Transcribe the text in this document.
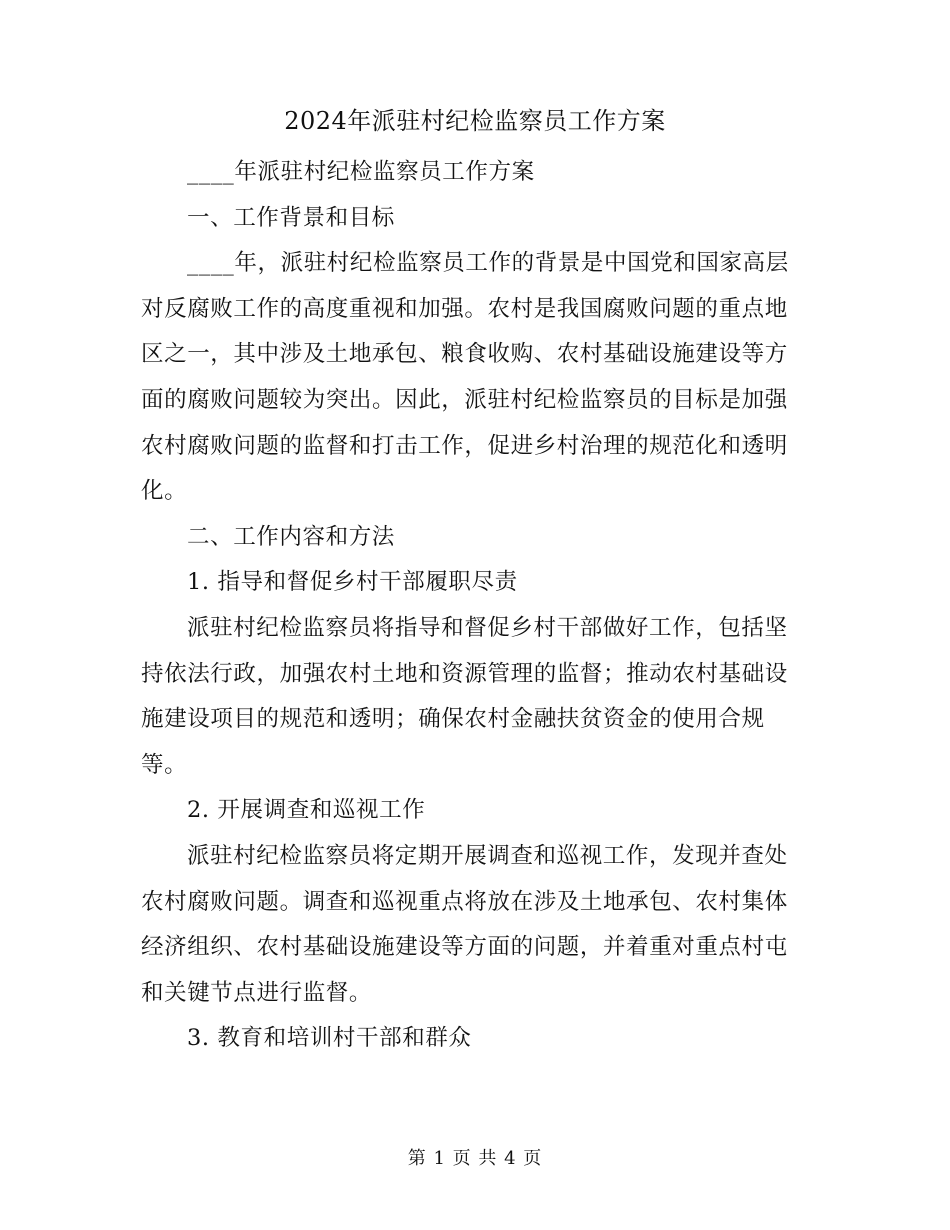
2024年派驻村纪检监察员工作方案

____年派驻村纪检监察员工作方案

一、工作背景和目标

____年，派驻村纪检监察员工作的背景是中国党和国家高层对反腐败工作的高度重视和加强。农村是我国腐败问题的重点地区之一，其中涉及土地承包、粮食收购、农村基础设施建设等方面的腐败问题较为突出。因此，派驻村纪检监察员的目标是加强农村腐败问题的监督和打击工作，促进乡村治理的规范化和透明化。

二、工作内容和方法

1. 指导和督促乡村干部履职尽责

派驻村纪检监察员将指导和督促乡村干部做好工作，包括坚持依法行政，加强农村土地和资源管理的监督；推动农村基础设施建设项目的规范和透明；确保农村金融扶贫资金的使用合规等。

2. 开展调查和巡视工作

派驻村纪检监察员将定期开展调查和巡视工作，发现并查处农村腐败问题。调查和巡视重点将放在涉及土地承包、农村集体经济组织、农村基础设施建设等方面的问题，并着重对重点村屯和关键节点进行监督。

3. 教育和培训村干部和群众

第 1 页 共 4 页
